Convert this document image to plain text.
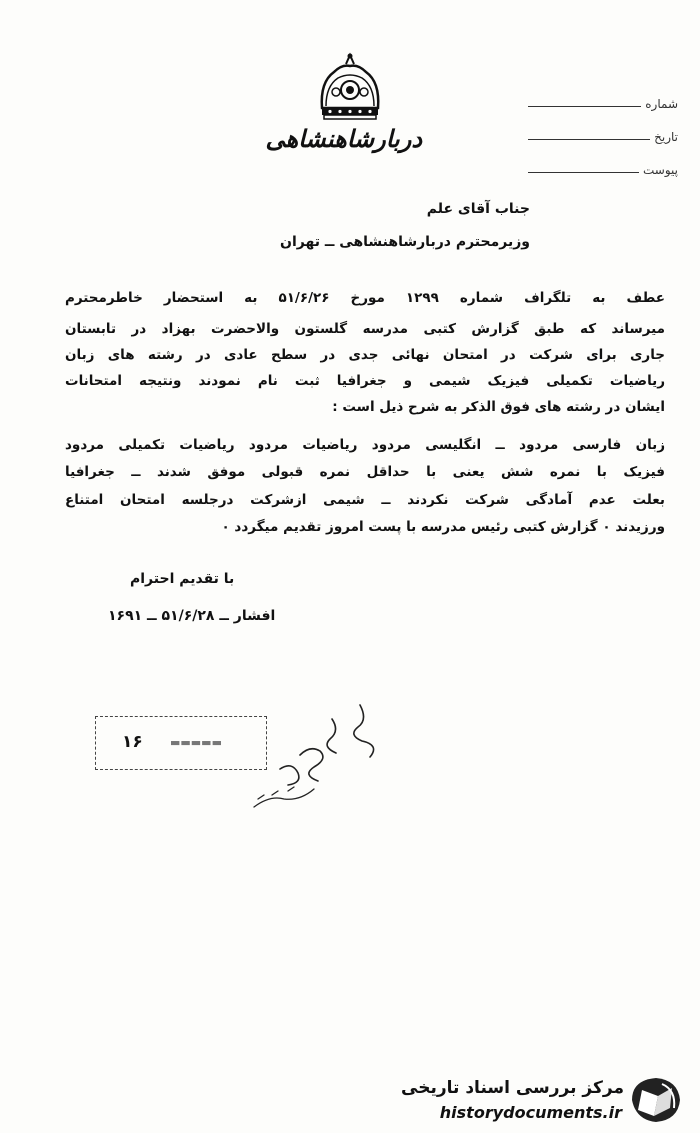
دربارشاهنشاهی
شماره
تاریخ
پیوست
جناب آقای علم
وزیرمحترم دربارشاهنشاهی ــ تهران
عطف به تلگراف شماره ۱۲۹۹ مورخ ۵۱/۶/۲۶ به استحضار خاطرمحترم
میرساند که طبق گزارش کتبی مدرسه گلستون والاحضرت بهزاد در تابستان
جاری برای شرکت در امتحان نهائی جدی در سطح عادی در رشته های زبان
ریاضیات تکمیلی فیزیک شیمی و جغرافیا ثبت نام نمودند ونتیجه امتحانات
ایشان در رشته های فوق الذکر به شرح ذیل است :
زبان فارسی مردود ــ انگلیسی مردود ریاضیات مردود ریاضیات تکمیلی مردود
فیزیک با نمره شش یعنی با حداقل نمره قبولی موفق شدند ــ جغرافیا
بعلت عدم آمادگی شرکت نکردند ــ شیمی ازشرکت درجلسه امتحان امتناع
ورزیدند ۰ گزارش کتبی رئیس مدرسه با پست امروز تقدیم میگردد ۰
با تقدیم احترام
افشار ــ ۵۱/۶/۲۸ ــ ۱۶۹۱
۱۶ ▬▬▬▬▬
مرکز بررسی اسناد تاریخی
historydocuments.ir
